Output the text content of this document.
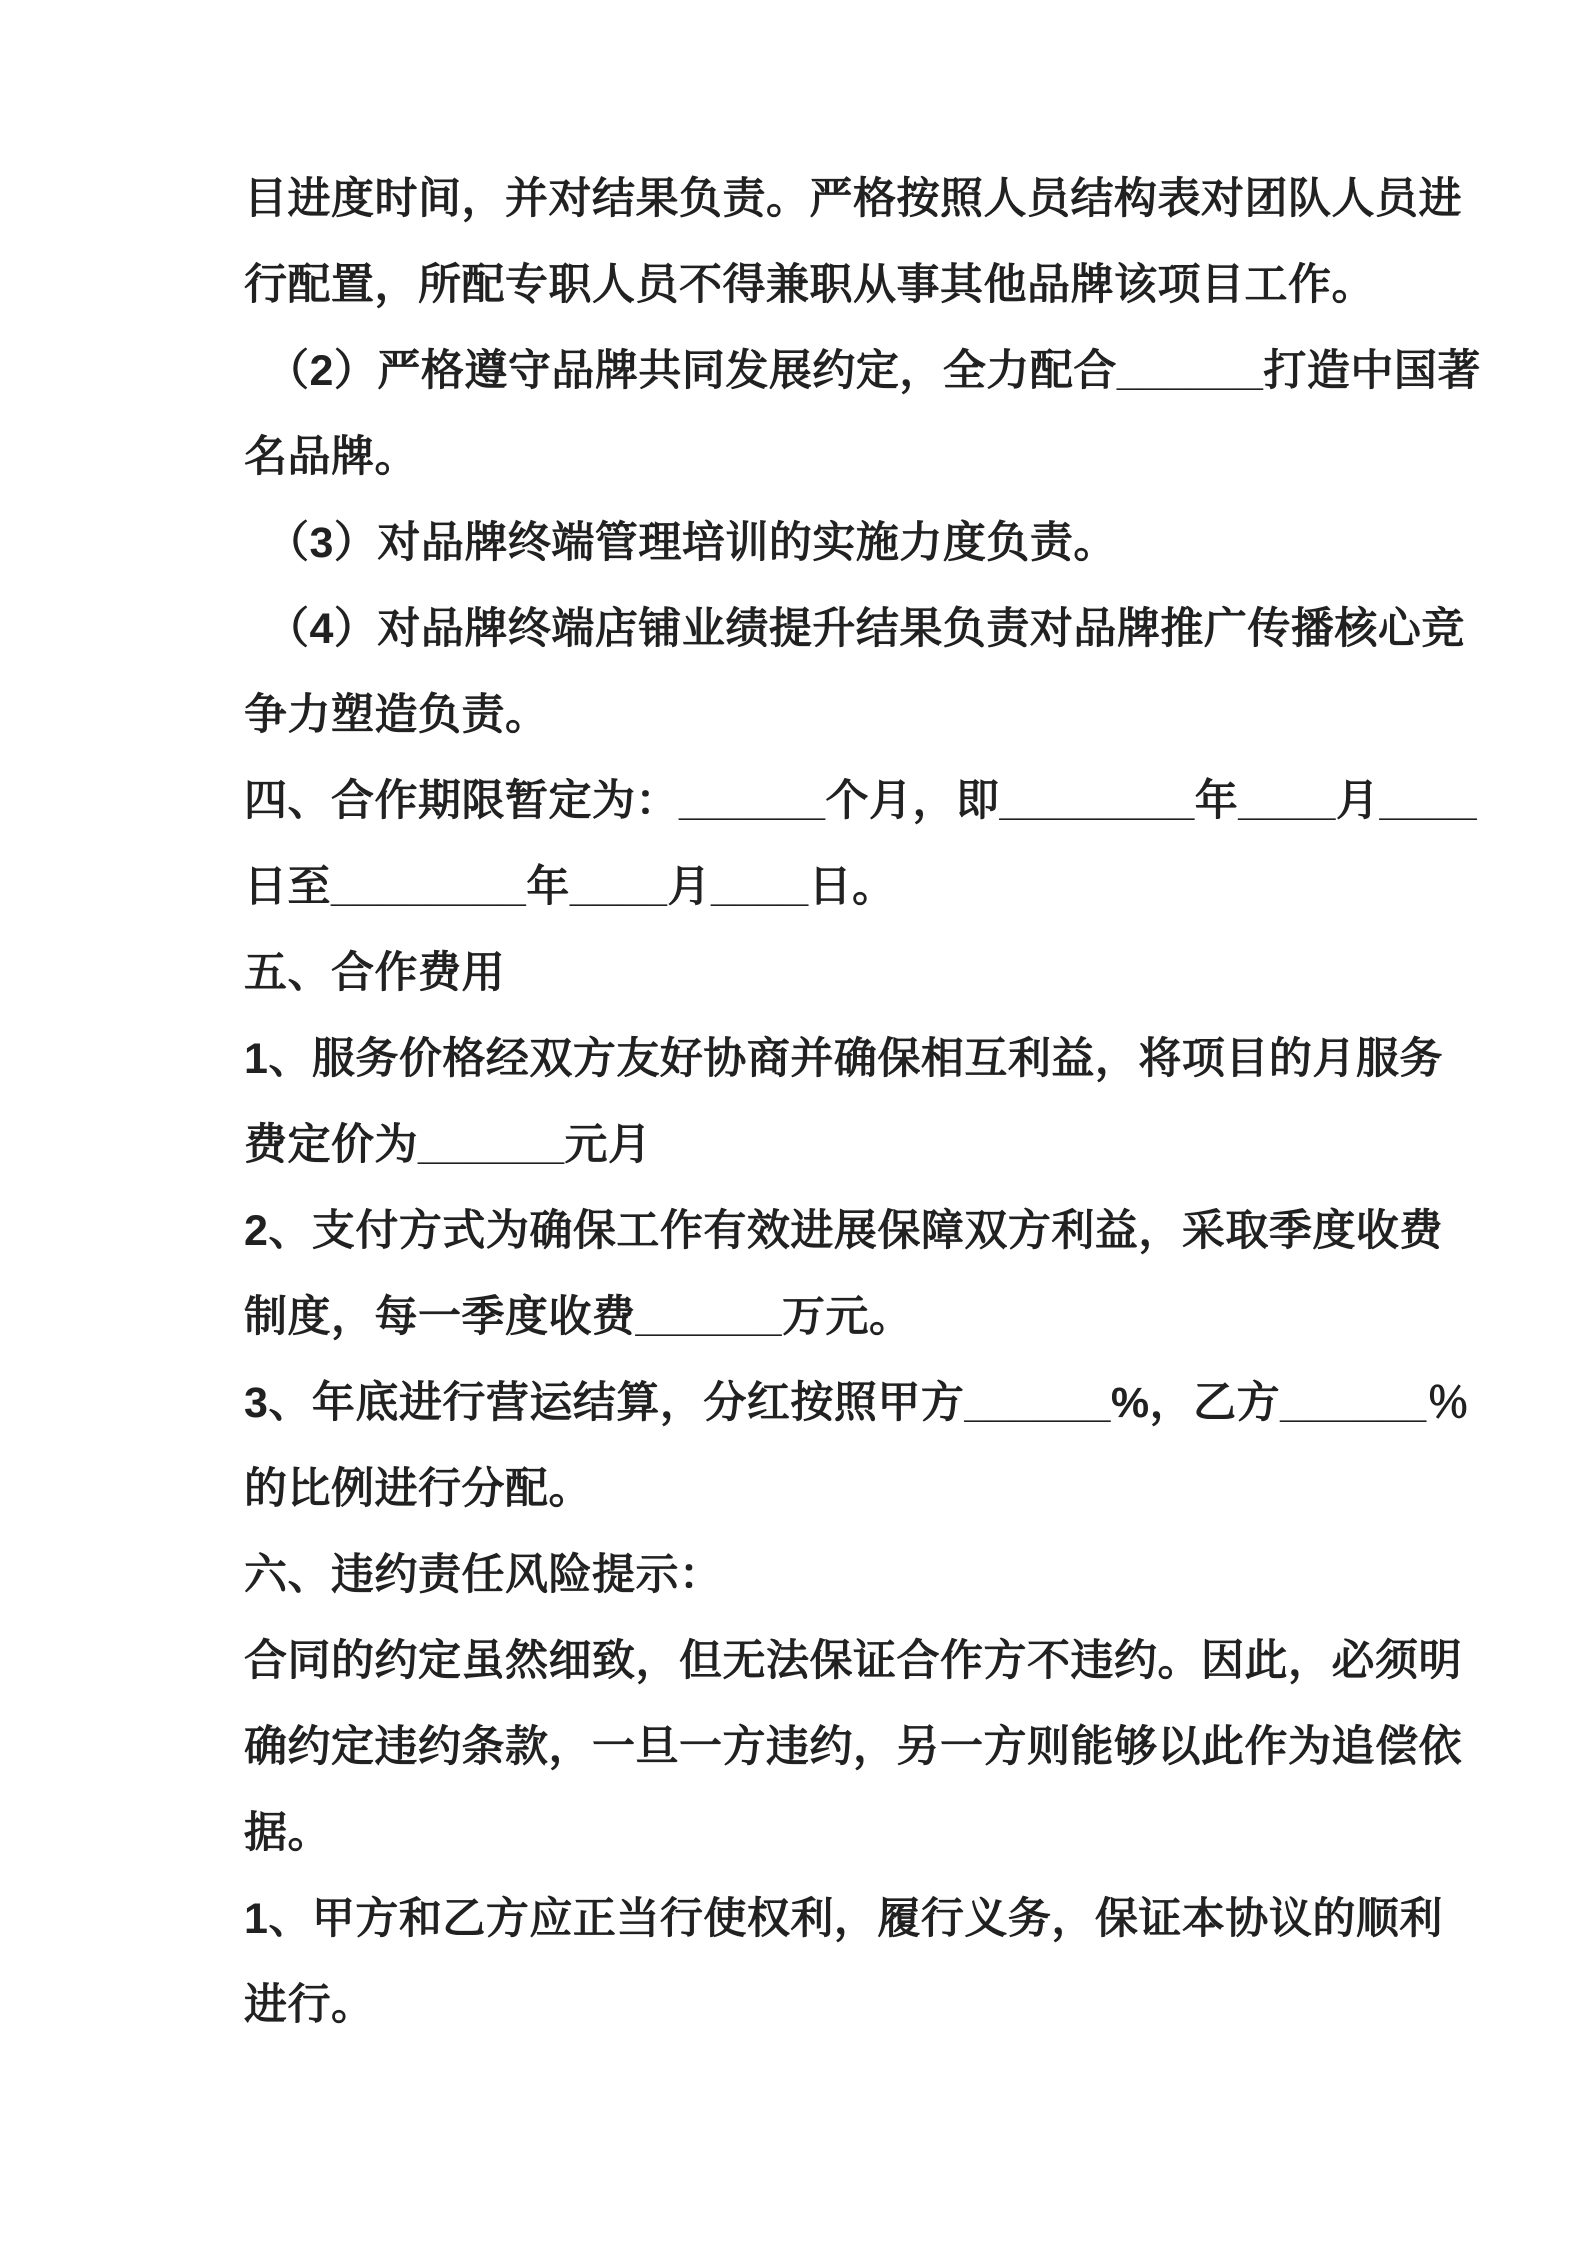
目进度时间，并对结果负责。严格按照人员结构表对团队人员进

行配置，所配专职人员不得兼职从事其他品牌该项目工作。

（2）严格遵守品牌共同发展约定，全力配合______打造中国著

名品牌。

（3）对品牌终端管理培训的实施力度负责。

（4）对品牌终端店铺业绩提升结果负责对品牌推广传播核心竞

争力塑造负责。

四、合作期限暂定为：______个月，即________年____月____

日至________年____月____日。

五、合作费用

1、服务价格经双方友好协商并确保相互利益，将项目的月服务

费定价为______元月

2、支付方式为确保工作有效进展保障双方利益，采取季度收费

制度，每一季度收费______万元。

3、年底进行营运结算，分红按照甲方______%，乙方______％

的比例进行分配。

六、违约责任风险提示：

合同的约定虽然细致，但无法保证合作方不违约。因此，必须明

确约定违约条款，一旦一方违约，另一方则能够以此作为追偿依

据。

1、甲方和乙方应正当行使权利，履行义务，保证本协议的顺利

进行。
